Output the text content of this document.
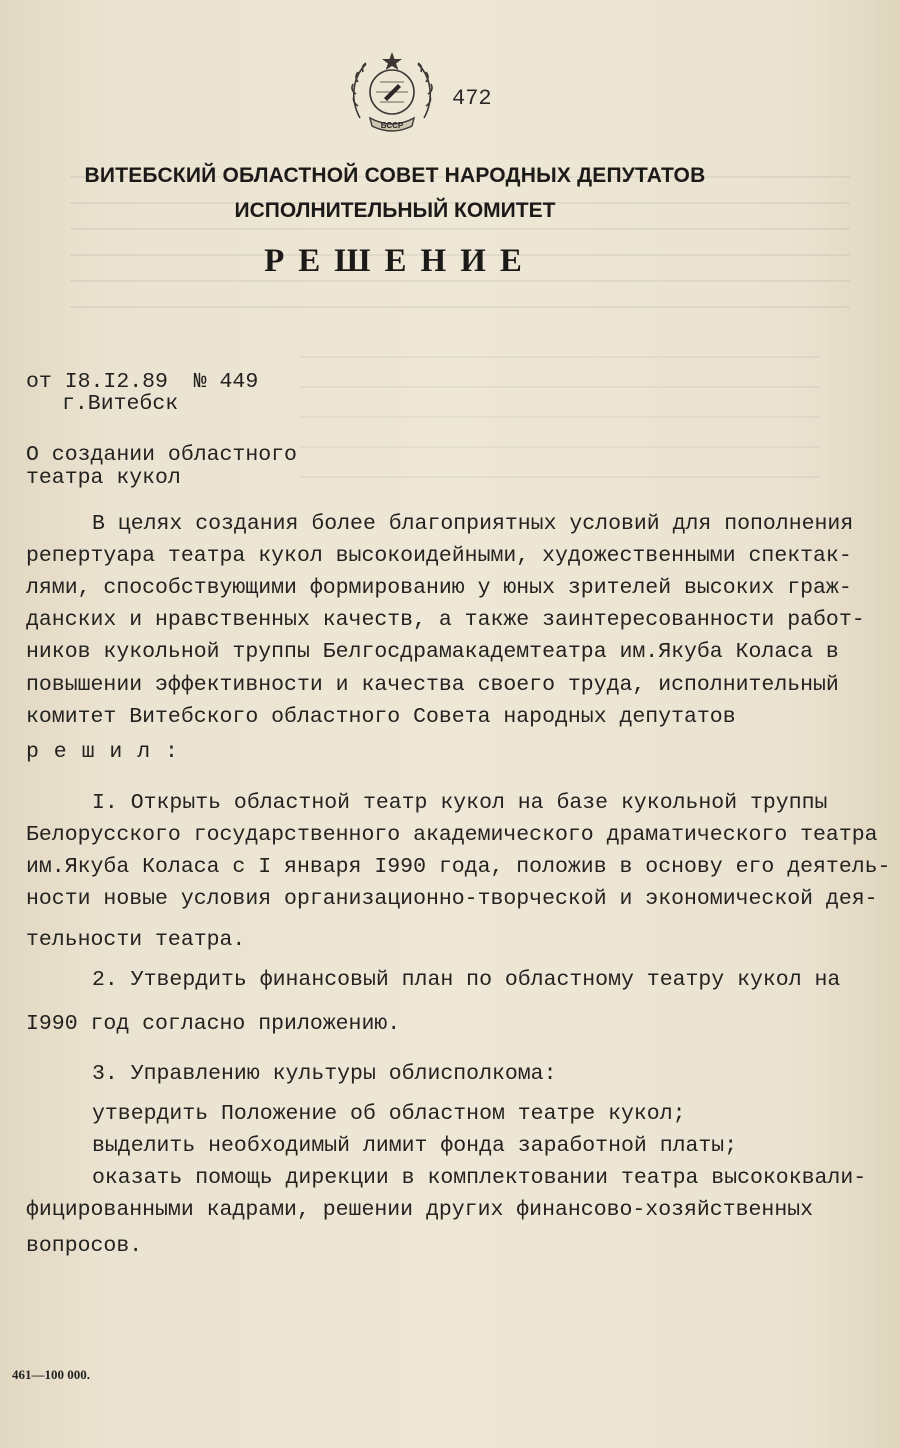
БССР
472
ВИТЕБСКИЙ ОБЛАСТНОЙ СОВЕТ НАРОДНЫХ ДЕПУТАТОВ
ИСПОЛНИТЕЛЬНЫЙ КОМИТЕТ
РЕШЕНИЕ
от I8.I2.89  № 449
г.Витебск
О создании областного
театра кукол
В целях создания более благоприятных условий для пополнения
репертуара театра кукол высокоидейными, художественными спектак-
лями, способствующими формированию у юных зрителей высоких граж-
данских и нравственных качеств, а также заинтересованности работ-
ников кукольной труппы Белгосдрамакадемтеатра им.Якуба Коласа в
повышении эффективности и качества своего труда, исполнительный
комитет Витебского областного Совета народных депутатов
р е ш и л :
I. Открыть областной театр кукол на базе кукольной труппы
Белорусского государственного академического драматического театра
им.Якуба Коласа с I января I990 года, положив в основу его деятель-
ности новые условия организационно-творческой и экономической дея-
тельности театра.
2. Утвердить финансовый план по областному театру кукол на
I990 год согласно приложению.
3. Управлению культуры облисполкома:
утвердить Положение об областном театре кукол;
выделить необходимый лимит фонда заработной платы;
оказать помощь дирекции в комплектовании театра высококвали-
фицированными кадрами, решении других финансово-хозяйственных
вопросов.
461—100 000.
